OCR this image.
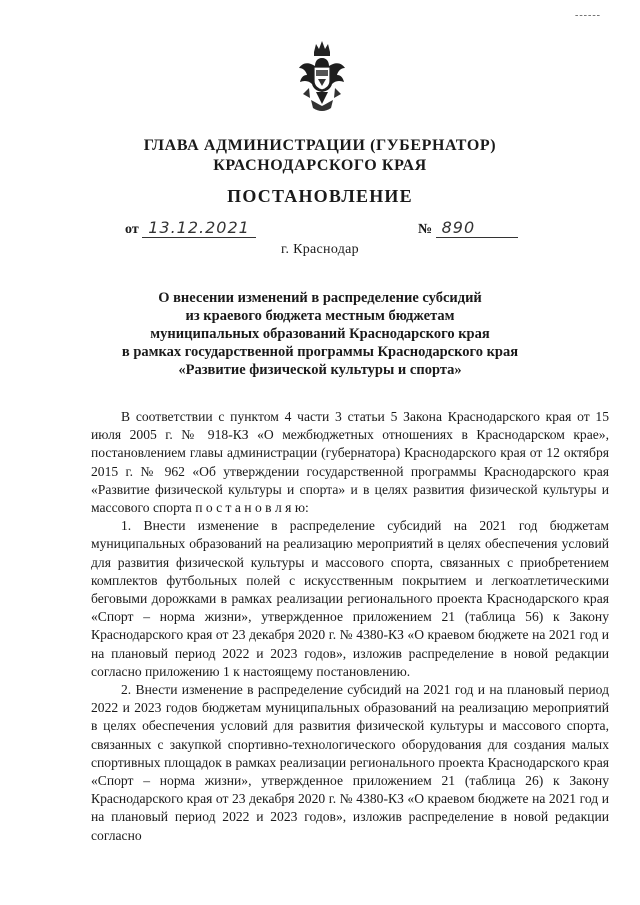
------
ГЛАВА АДМИНИСТРАЦИИ (ГУБЕРНАТОР)
КРАСНОДАРСКОГО КРАЯ
ПОСТАНОВЛЕНИЕ
от 13.12.2021	№ 890
г. Краснодар
О внесении изменений в распределение субсидий
из краевого бюджета местным бюджетам
муниципальных образований Краснодарского края
в рамках государственной программы Краснодарского края
«Развитие физической культуры и спорта»

В соответствии с пунктом 4 части 3 статьи 5 Закона Краснодарского края от 15 июля 2005 г. № 918-КЗ «О межбюджетных отношениях в Краснодарском крае», постановлением главы администрации (губернатора) Краснодарского края от 12 октября 2015 г. № 962 «Об утверждении государственной программы Краснодарского края «Развитие физической культуры и спорта» и в целях развития физической культуры и массового спорта п о с т а н о в л я ю:

1. Внести изменение в распределение субсидий на 2021 год бюджетам муниципальных образований на реализацию мероприятий в целях обеспечения условий для развития физической культуры и массового спорта, связанных с приобретением комплектов футбольных полей с искусственным покрытием и легкоатлетическими беговыми дорожками в рамках реализации регионального проекта Краснодарского края «Спорт – норма жизни», утвержденное приложением 21 (таблица 56) к Закону Краснодарского края от 23 декабря 2020 г. № 4380-КЗ «О краевом бюджете на 2021 год и на плановый период 2022 и 2023 годов», изложив распределение в новой редакции согласно приложению 1 к настоящему постановлению.

2. Внести изменение в распределение субсидий на 2021 год и на плановый период 2022 и 2023 годов бюджетам муниципальных образований на реализацию мероприятий в целях обеспечения условий для развития физической культуры и массового спорта, связанных с закупкой спортивно-технологического оборудования для создания малых спортивных площадок в рамках реализации регионального проекта Краснодарского края «Спорт – норма жизни», утвержденное приложением 21 (таблица 26) к Закону Краснодарского края от 23 декабря 2020 г. № 4380-КЗ «О краевом бюджете на 2021 год и на плановый период 2022 и 2023 годов», изложив распределение в новой редакции согласно
